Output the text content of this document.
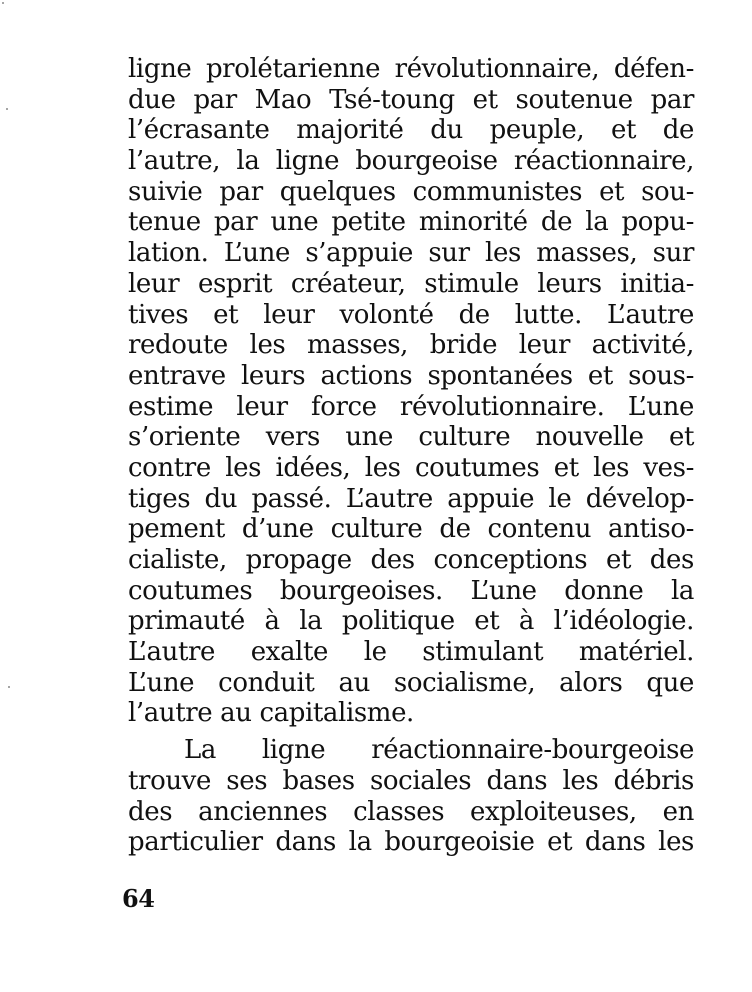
ligne prolétarienne révolutionnaire, défen-
due par Mao Tsé-toung et soutenue par
l’écrasante majorité du peuple, et de
l’autre, la ligne bourgeoise réactionnaire,
suivie par quelques communistes et sou-
tenue par une petite minorité de la popu-
lation. L’une s’appuie sur les masses, sur
leur esprit créateur, stimule leurs initia-
tives et leur volonté de lutte. L’autre
redoute les masses, bride leur activité,
entrave leurs actions spontanées et sous-
estime leur force révolutionnaire. L’une
s’oriente vers une culture nouvelle et
contre les idées, les coutumes et les ves-
tiges du passé. L’autre appuie le dévelop-
pement d’une culture de contenu antiso-
cialiste, propage des conceptions et des
coutumes bourgeoises. L’une donne la
primauté à la politique et à l’idéologie.
L’autre exalte le stimulant matériel.
L’une conduit au socialisme, alors que
l’autre au capitalisme.
La ligne réactionnaire-bourgeoise
trouve ses bases sociales dans les débris
des anciennes classes exploiteuses, en
particulier dans la bourgeoisie et dans les
64
